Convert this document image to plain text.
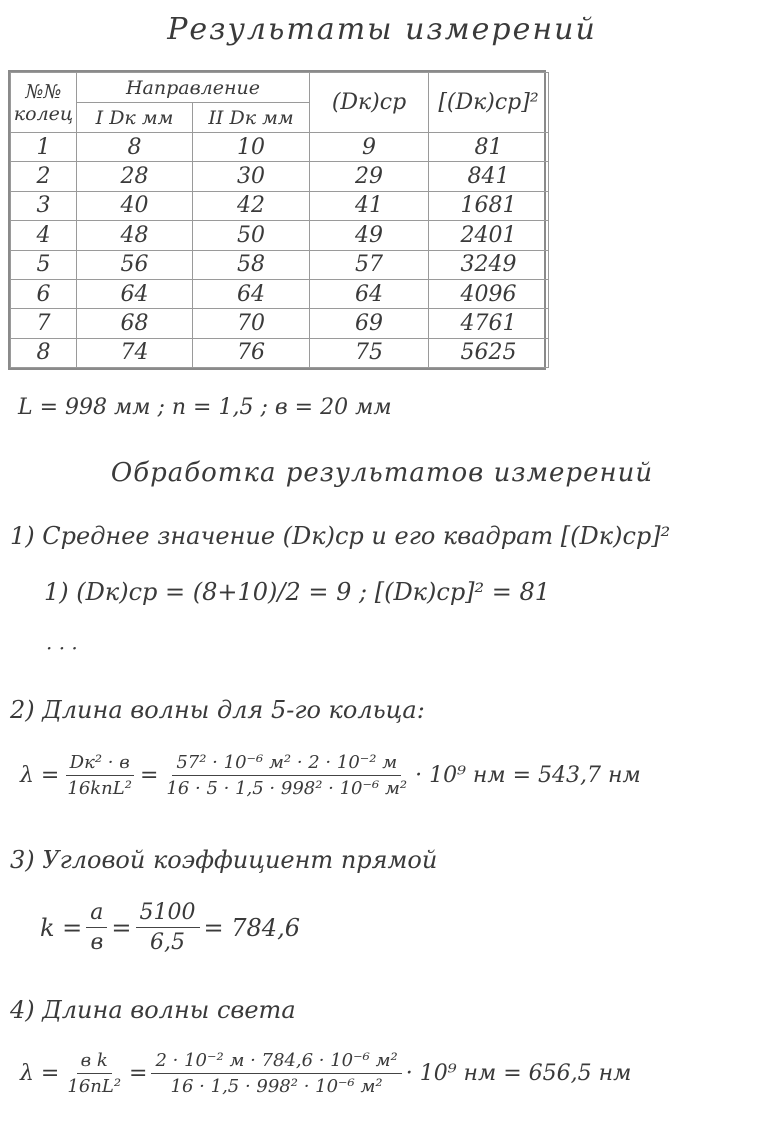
Результаты измерений
№№ колец	Направление		(Dк)ср	[(Dк)ср]²
	I Dк мм	II Dк мм		
1	8	10	9	81
2	28	30	29	841
3	40	42	41	1681
4	48	50	49	2401
5	56	58	57	3249
6	64	64	64	4096
7	68	70	69	4761
8	74	76	75	5625
L = 998 мм ; n = 1,5 ; в = 20 мм
Обработка результатов измерений
1) Среднее значение (Dк)ср и его квадрат [(Dк)ср]²
1) (Dк)ср = (8+10)/2 = 9 ; [(Dк)ср]² = 81
· · ·
2) Длина волны для 5-го кольца:
$\lambda = \frac{\text{Dк² · в}}{\text{16knL²}} = \frac{\text{57² · 10⁻⁶ м² · 2 · 10⁻² м}}{\text{16 · 5 · 1,5 · 998² · 10⁻⁶ м²}} \cdot 10^9$ нм = 543,7 нм
3) Угловой коэффициент прямой
$k = \frac{a}{в} = \frac{5100}{6,5} = 784,6$
4) Длина волны света
$\lambda = \frac{\text{в k}}{\text{16nL²}} = \frac{\text{2 · 10⁻² м · 784,6 · 10⁻⁶ м²}}{\text{16 · 1,5 · 998² · 10⁻⁶ м²}} \cdot 10^9$ нм = 656,5 нм
